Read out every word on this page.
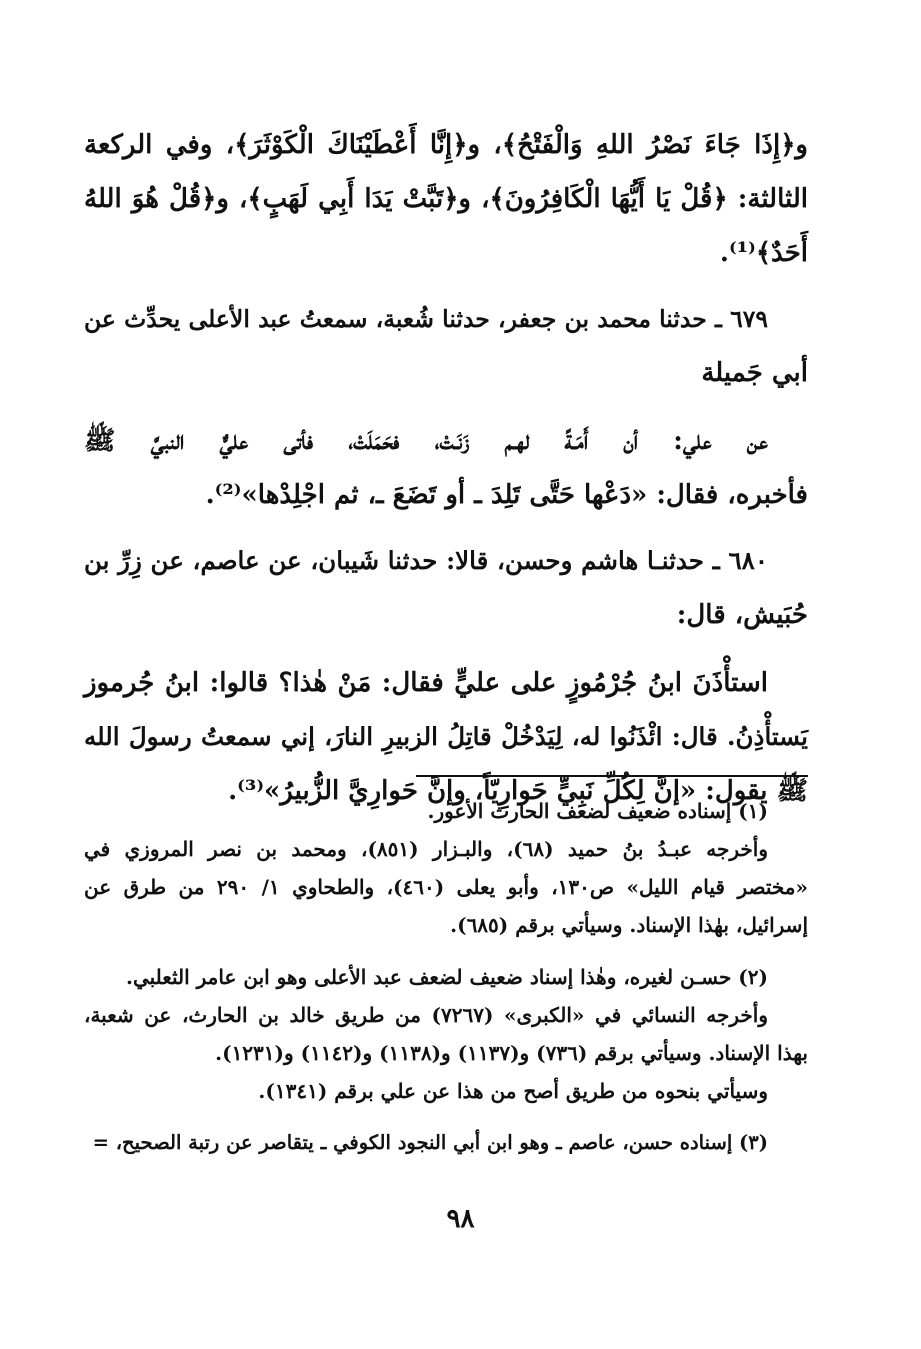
و﴿إِذَا جَاءَ نَصْرُ اللهِ وَالْفَتْحُ﴾، و﴿إِنَّا أَعْطَيْنَاكَ الْكَوْثَرَ﴾، وفي الركعة
الثالثة: ﴿قُلْ يَا أَيُّهَا الْكَافِرُونَ﴾، و﴿تَبَّتْ يَدَا أَبِي لَهَبٍ﴾، و﴿قُلْ هُوَ اللهُ
أَحَدٌ﴾⁽¹⁾.
٦٧٩ ـ حدثنا محمد بن جعفر، حدثنا شُعبة، سمعتُ عبد الأعلى يحدِّث عن
أبي جَميلة
عن علي: أن أَمَـةً لهـم زَنَـتْ، فحَمَلَتْ، فأتى عليٌّ النبيَّ ﷺ
فأخبره، فقال: «دَعْها حَتَّى تَلِدَ ـ أو تَضَعَ ـ، ثم اجْلِدْها»⁽²⁾.
٦٨٠ ـ حدثنـا هاشم وحسن، قالا: حدثنا شَيبان، عن عاصم، عن زِرِّ بن
حُبَيش، قال:
استأْذَنَ ابنُ جُرْمُوزٍ على عليٍّ فقال: مَنْ هٰذا؟ قالوا: ابنُ جُرموز
يَستأْذِنُ. قال: ائْذَنُوا له، لِيَدْخُلْ قاتِلُ الزبيرِ النارَ، إني سمعتُ رسولَ الله
ﷺ يقول: «إنَّ لِكُلِّ نَبِيٍّ حَوارِيّاً، وإنَّ حَوارِيَّ الزُّبيرُ»⁽³⁾.
(١) إسناده ضعيف لضعف الحارث الأعور.
وأخرجه عبـدُ بنُ حميد (٦٨)، والبـزار (٨٥١)، ومحمد بن نصر المروزي في
«مختصر قيام الليل» ص١٣٠، وأبو يعلى (٤٦٠)، والطحاوي ١/ ٢٩٠ من طرق عن
إسرائيل، بهٰذا الإسناد. وسيأتي برقم (٦٨٥).
(٢) حسـن لغيره، وهٰذا إسناد ضعيف لضعف عبد الأعلى وهو ابن عامر الثعلبي.
وأخرجه النسائي في «الكبرى» (٧٢٦٧) من طريق خالد بن الحارث، عن شعبة،
بهذا الإسناد. وسيأتي برقم (٧٣٦) و(١١٣٧) و(١١٣٨) و(١١٤٢) و(١٢٣١).
وسيأتي بنحوه من طريق أصح من هذا عن علي برقم (١٣٤١).
(٣) إسناده حسن، عاصم ـ وهو ابن أبي النجود الكوفي ـ يتقاصر عن رتبة الصحيح، =
٩٨
